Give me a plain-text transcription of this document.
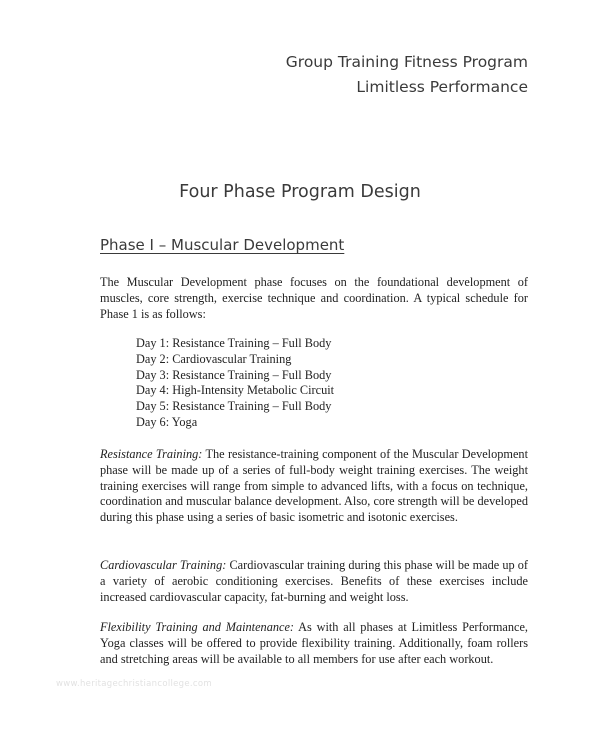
Group Training Fitness Program
Limitless Performance
Four Phase Program Design
Phase I – Muscular Development

The Muscular Development phase focuses on the foundational development of muscles, core strength, exercise technique and coordination. A typical schedule for Phase 1 is as follows:

Day 1: Resistance Training – Full Body
Day 2: Cardiovascular Training
Day 3: Resistance Training – Full Body
Day 4: High-Intensity Metabolic Circuit
Day 5: Resistance Training – Full Body
Day 6: Yoga

Resistance Training: The resistance-training component of the Muscular Development phase will be made up of a series of full-body weight training exercises. The weight training exercises will range from simple to advanced lifts, with a focus on technique, coordination and muscular balance development. Also, core strength will be developed during this phase using a series of basic isometric and isotonic exercises.

Cardiovascular Training: Cardiovascular training during this phase will be made up of a variety of aerobic conditioning exercises. Benefits of these exercises include increased cardiovascular capacity, fat-burning and weight loss.

Flexibility Training and Maintenance: As with all phases at Limitless Performance, Yoga classes will be offered to provide flexibility training. Additionally, foam rollers and stretching areas will be available to all members for use after each workout.

www.heritagechristiancollege.com
